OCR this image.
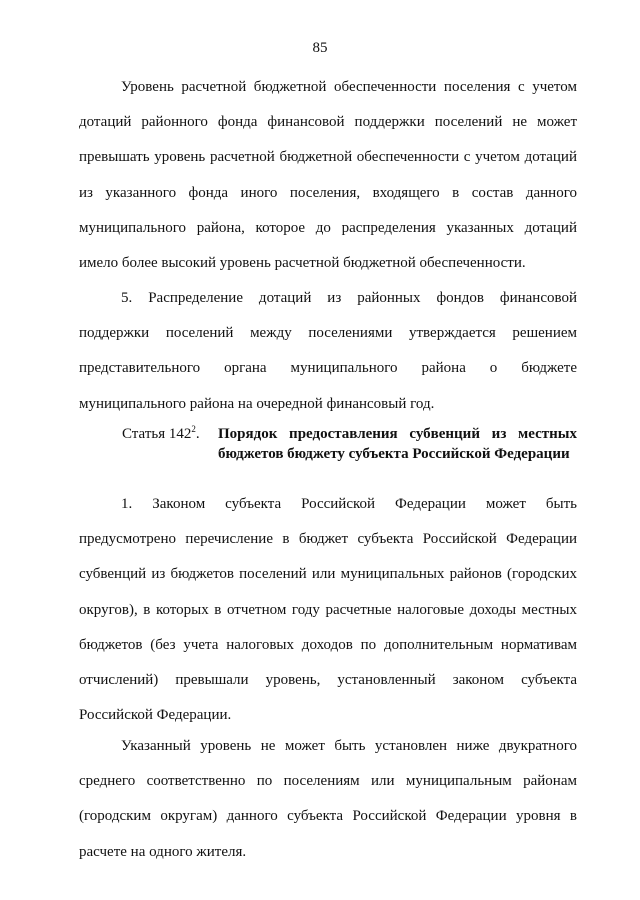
85

Уровень расчетной бюджетной обеспеченности поселения с учетом дотаций районного фонда финансовой поддержки поселений не может превышать уровень расчетной бюджетной обеспеченности с учетом дотаций из указанного фонда иного поселения, входящего в состав данного муниципального района, которое до распределения указанных дотаций имело более высокий уровень расчетной бюджетной обеспеченности.

5. Распределение дотаций из районных фондов финансовой поддержки поселений между поселениями утверждается решением представительного органа муниципального района о бюджете муниципального района на очередной финансовый год.

Статья $142^2$. Порядок предоставления субвенций из местных бюджетов бюджету субъекта Российской Федерации

1. Законом субъекта Российской Федерации может быть предусмотрено перечисление в бюджет субъекта Российской Федерации субвенций из бюджетов поселений или муниципальных районов (городских округов), в которых в отчетном году расчетные налоговые доходы местных бюджетов (без учета налоговых доходов по дополнительным нормативам отчислений) превышали уровень, установленный законом субъекта Российской Федерации.

Указанный уровень не может быть установлен ниже двукратного среднего соответственно по поселениям или муниципальным районам (городским округам) данного субъекта Российской Федерации уровня в расчете на одного жителя.
